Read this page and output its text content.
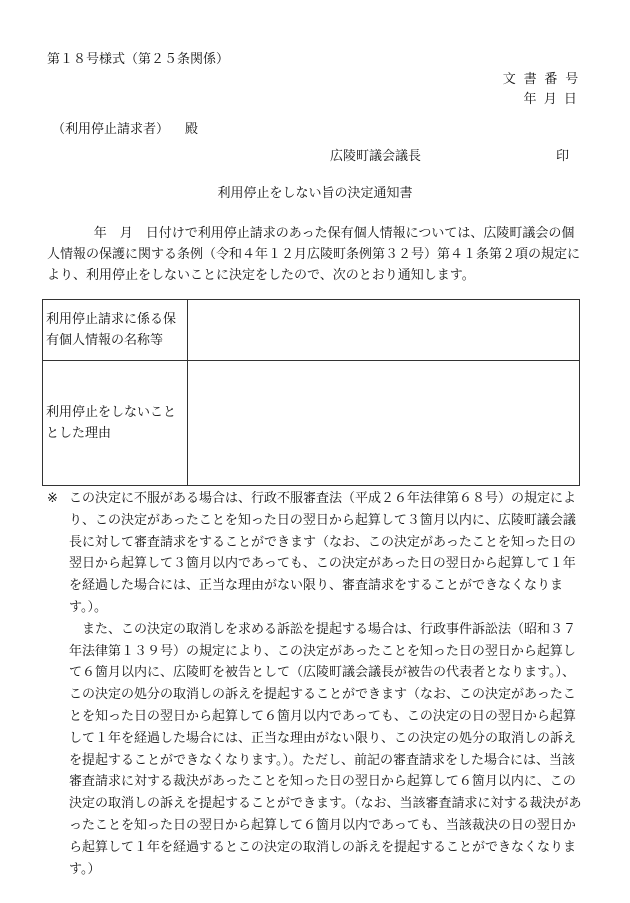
第１８号様式（第２５条関係）
文書番号
年月日
（利用停止請求者） 殿
広陵町議会議長	印
利用停止をしない旨の決定通知書

年　月　日付けで利用停止請求のあった保有個人情報については、広陵町議会の個人情報の保護に関する条例（令和４年１２月広陵町条例第３２号）第４１条第２項の規定により、利用停止をしないことに決定をしたので、次のとおり通知します。

利用停止請求に係る保有個人情報の名称等	
利用停止をしないこととした理由	

※ この決定に不服がある場合は、行政不服審査法（平成２６年法律第６８号）の規定により、この決定があったことを知った日の翌日から起算して３箇月以内に、広陵町議会議長に対して審査請求をすることができます（なお、この決定があったことを知った日の翌日から起算して３箇月以内であっても、この決定があった日の翌日から起算して１年を経過した場合には、正当な理由がない限り、審査請求をすることができなくなります。）。

また、この決定の取消しを求める訴訟を提起する場合は、行政事件訴訟法（昭和３７年法律第１３９号）の規定により、この決定があったことを知った日の翌日から起算して６箇月以内に、広陵町を被告として（広陵町議会議長が被告の代表者となります。）、この決定の処分の取消しの訴えを提起することができます（なお、この決定があったことを知った日の翌日から起算して６箇月以内であっても、この決定の日の翌日から起算して１年を経過した場合には、正当な理由がない限り、この決定の処分の取消しの訴えを提起することができなくなります。）。ただし、前記の審査請求をした場合には、当該審査請求に対する裁決があったことを知った日の翌日から起算して６箇月以内に、この決定の取消しの訴えを提起することができます。（なお、当該審査請求に対する裁決があったことを知った日の翌日から起算して６箇月以内であっても、当該裁決の日の翌日から起算して１年を経過するとこの決定の取消しの訴えを提起することができなくなります。）
